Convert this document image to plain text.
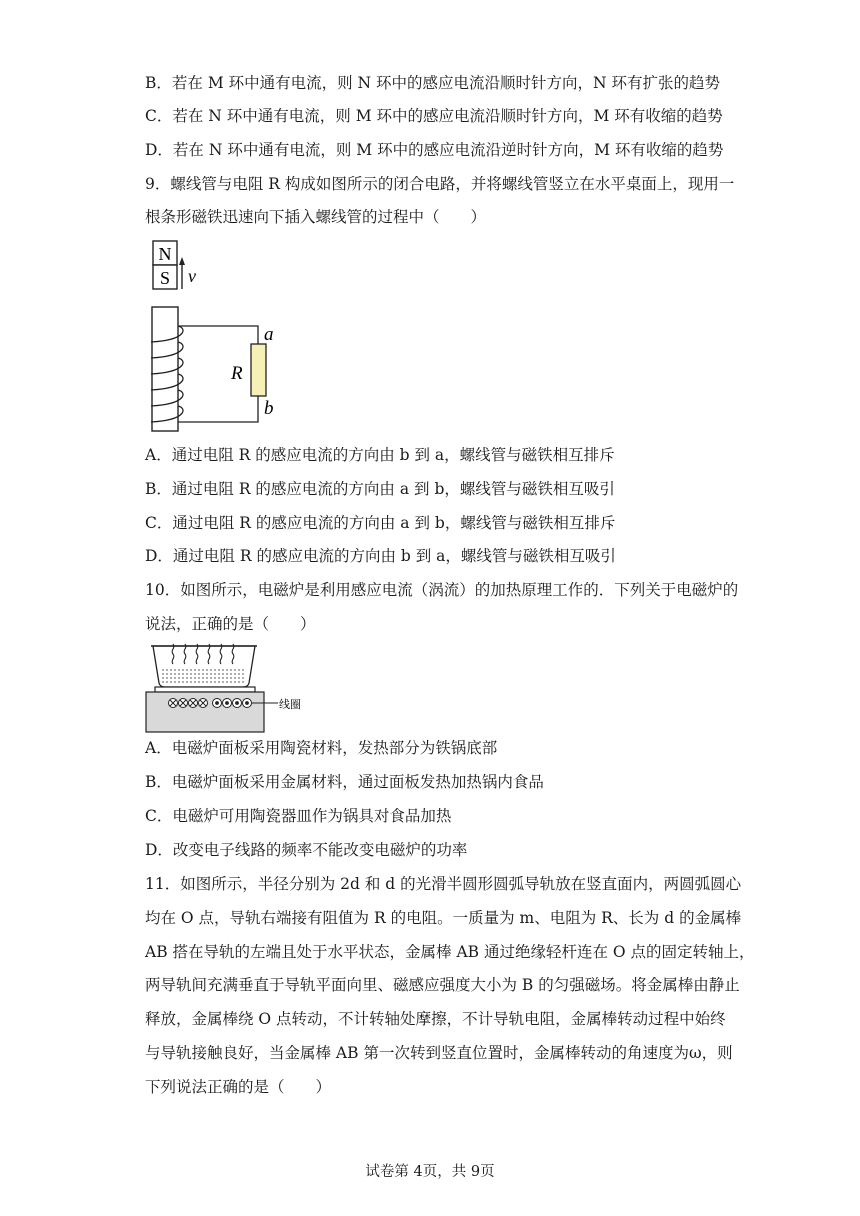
B．若在 M 环中通有电流，则 N 环中的感应电流沿顺时针方向，N 环有扩张的趋势
C．若在 N 环中通有电流，则 M 环中的感应电流沿顺时针方向，M 环有收缩的趋势
D．若在 N 环中通有电流，则 M 环中的感应电流沿逆时针方向，M 环有收缩的趋势
9．螺线管与电阻 R 构成如图所示的闭合电路，并将螺线管竖立在水平桌面上，现用一
根条形磁铁迅速向下插入螺线管的过程中（　　）
A．通过电阻 R 的感应电流的方向由 b 到 a，螺线管与磁铁相互排斥
B．通过电阻 R 的感应电流的方向由 a 到 b，螺线管与磁铁相互吸引
C．通过电阻 R 的感应电流的方向由 a 到 b，螺线管与磁铁相互排斥
D．通过电阻 R 的感应电流的方向由 b 到 a，螺线管与磁铁相互吸引
10．如图所示，电磁炉是利用感应电流（涡流）的加热原理工作的．下列关于电磁炉的
说法，正确的是（　　）
A．电磁炉面板采用陶瓷材料，发热部分为铁锅底部
B．电磁炉面板采用金属材料，通过面板发热加热锅内食品
C．电磁炉可用陶瓷器皿作为锅具对食品加热
D．改变电子线路的频率不能改变电磁炉的功率
11．如图所示，半径分别为 2d 和 d 的光滑半圆形圆弧导轨放在竖直面内，两圆弧圆心
均在 O 点，导轨右端接有阻值为 R 的电阻。一质量为 m、电阻为 R、长为 d 的金属棒
AB 搭在导轨的左端且处于水平状态，金属棒 AB 通过绝缘轻杆连在 O 点的固定转轴上，
两导轨间充满垂直于导轨平面向里、磁感应强度大小为 B 的匀强磁场。将金属棒由静止
释放，金属棒绕 O 点转动，不计转轴处摩擦，不计导轨电阻，金属棒转动过程中始终
与导轨接触良好，当金属棒 AB 第一次转到竖直位置时，金属棒转动的角速度为ω，则
下列说法正确的是（　　）
N
S v
R
a
b
线圈
试卷第 4页，共 9页
